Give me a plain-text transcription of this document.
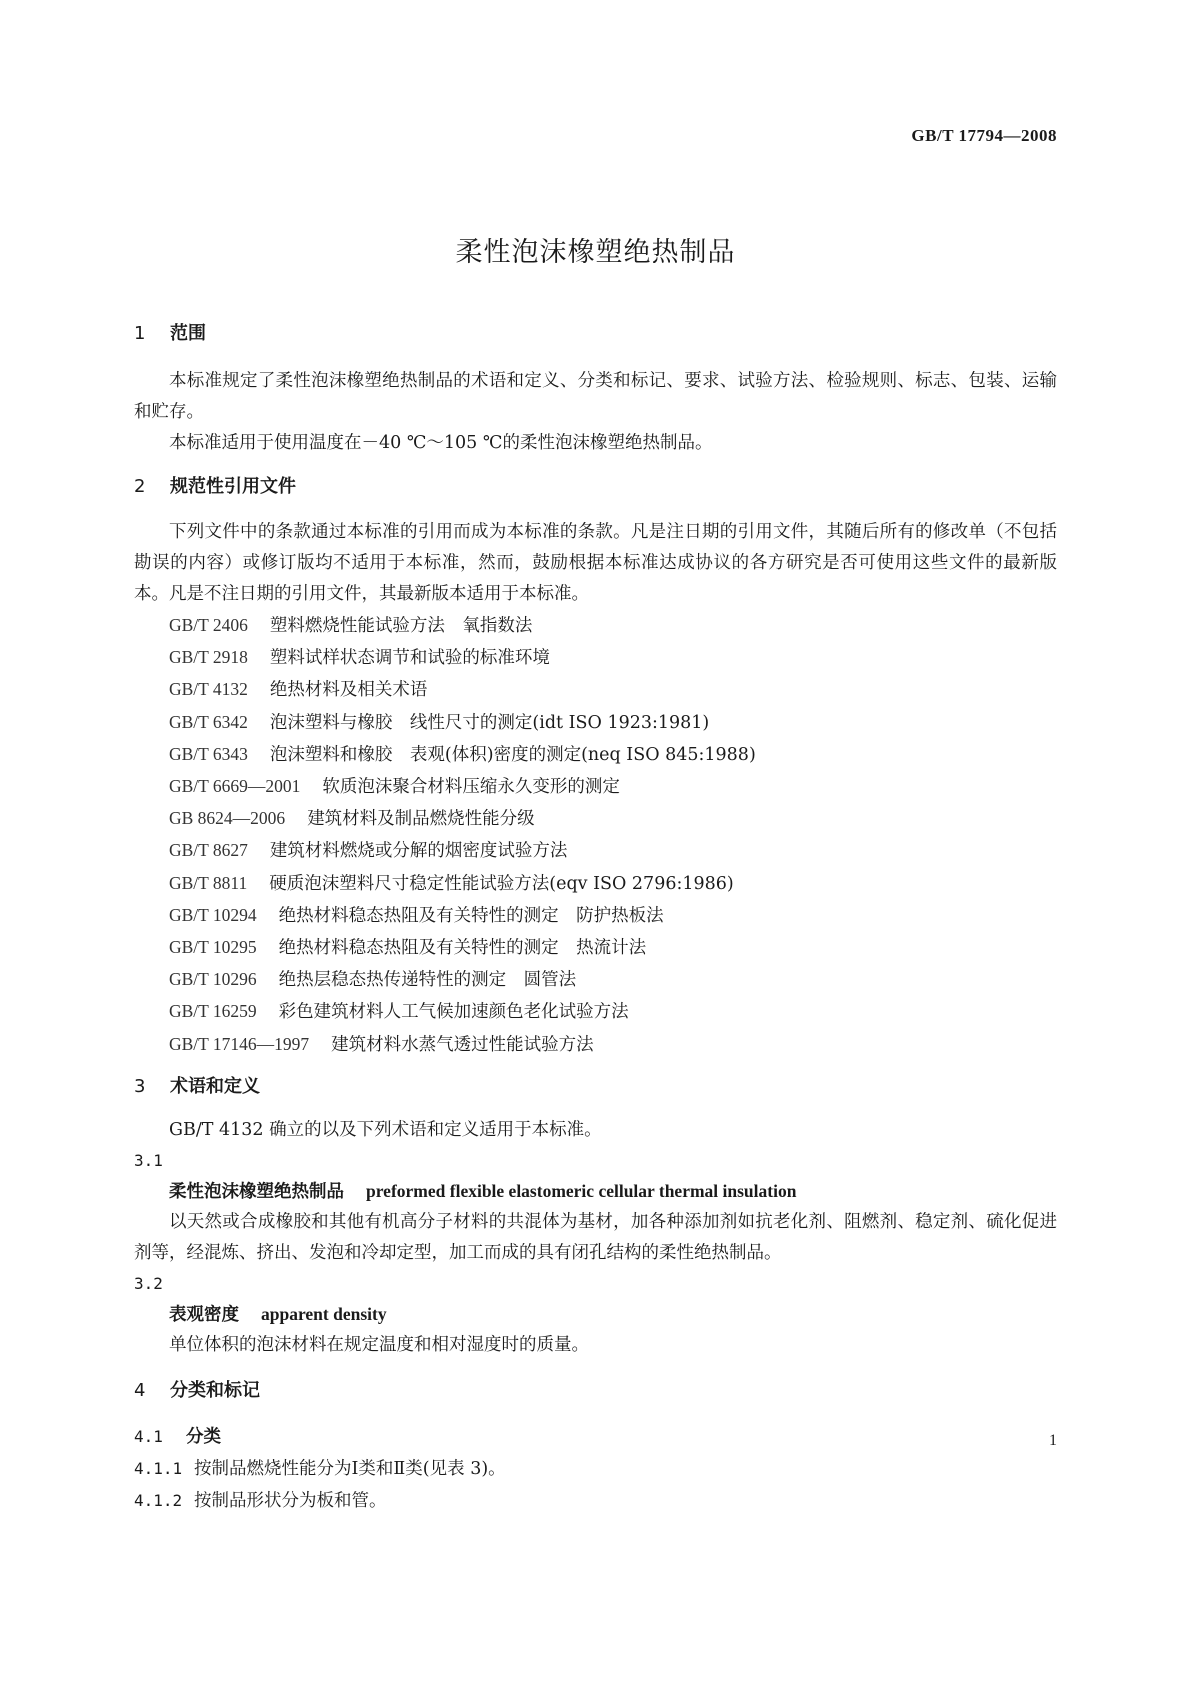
GB/T 17794—2008
柔性泡沫橡塑绝热制品
1 范围
本标准规定了柔性泡沫橡塑绝热制品的术语和定义、分类和标记、要求、试验方法、检验规则、标志、包装、运输和贮存。
本标准适用于使用温度在－40 ℃～105 ℃的柔性泡沫橡塑绝热制品。
2 规范性引用文件
下列文件中的条款通过本标准的引用而成为本标准的条款。凡是注日期的引用文件，其随后所有的修改单（不包括勘误的内容）或修订版均不适用于本标准，然而，鼓励根据本标准达成协议的各方研究是否可使用这些文件的最新版本。凡是不注日期的引用文件，其最新版本适用于本标准。
GB/T 2406 塑料燃烧性能试验方法　氧指数法
GB/T 2918 塑料试样状态调节和试验的标准环境
GB/T 4132 绝热材料及相关术语
GB/T 6342 泡沫塑料与橡胶　线性尺寸的测定(idt ISO 1923:1981)
GB/T 6343 泡沫塑料和橡胶　表观(体积)密度的测定(neq ISO 845:1988)
GB/T 6669—2001 软质泡沫聚合材料压缩永久变形的测定
GB 8624—2006 建筑材料及制品燃烧性能分级
GB/T 8627 建筑材料燃烧或分解的烟密度试验方法
GB/T 8811 硬质泡沫塑料尺寸稳定性能试验方法(eqv ISO 2796:1986)
GB/T 10294 绝热材料稳态热阻及有关特性的测定　防护热板法
GB/T 10295 绝热材料稳态热阻及有关特性的测定　热流计法
GB/T 10296 绝热层稳态热传递特性的测定　圆管法
GB/T 16259 彩色建筑材料人工气候加速颜色老化试验方法
GB/T 17146—1997 建筑材料水蒸气透过性能试验方法
3 术语和定义
GB/T 4132 确立的以及下列术语和定义适用于本标准。
3.1
柔性泡沫橡塑绝热制品 preformed flexible elastomeric cellular thermal insulation
以天然或合成橡胶和其他有机高分子材料的共混体为基材，加各种添加剂如抗老化剂、阻燃剂、稳定剂、硫化促进剂等，经混炼、挤出、发泡和冷却定型，加工而成的具有闭孔结构的柔性绝热制品。
3.2
表观密度 apparent density
单位体积的泡沫材料在规定温度和相对湿度时的质量。
4 分类和标记
4.1 分类
4.1.1 按制品燃烧性能分为Ⅰ类和Ⅱ类(见表 3)。
4.1.2 按制品形状分为板和管。
1
